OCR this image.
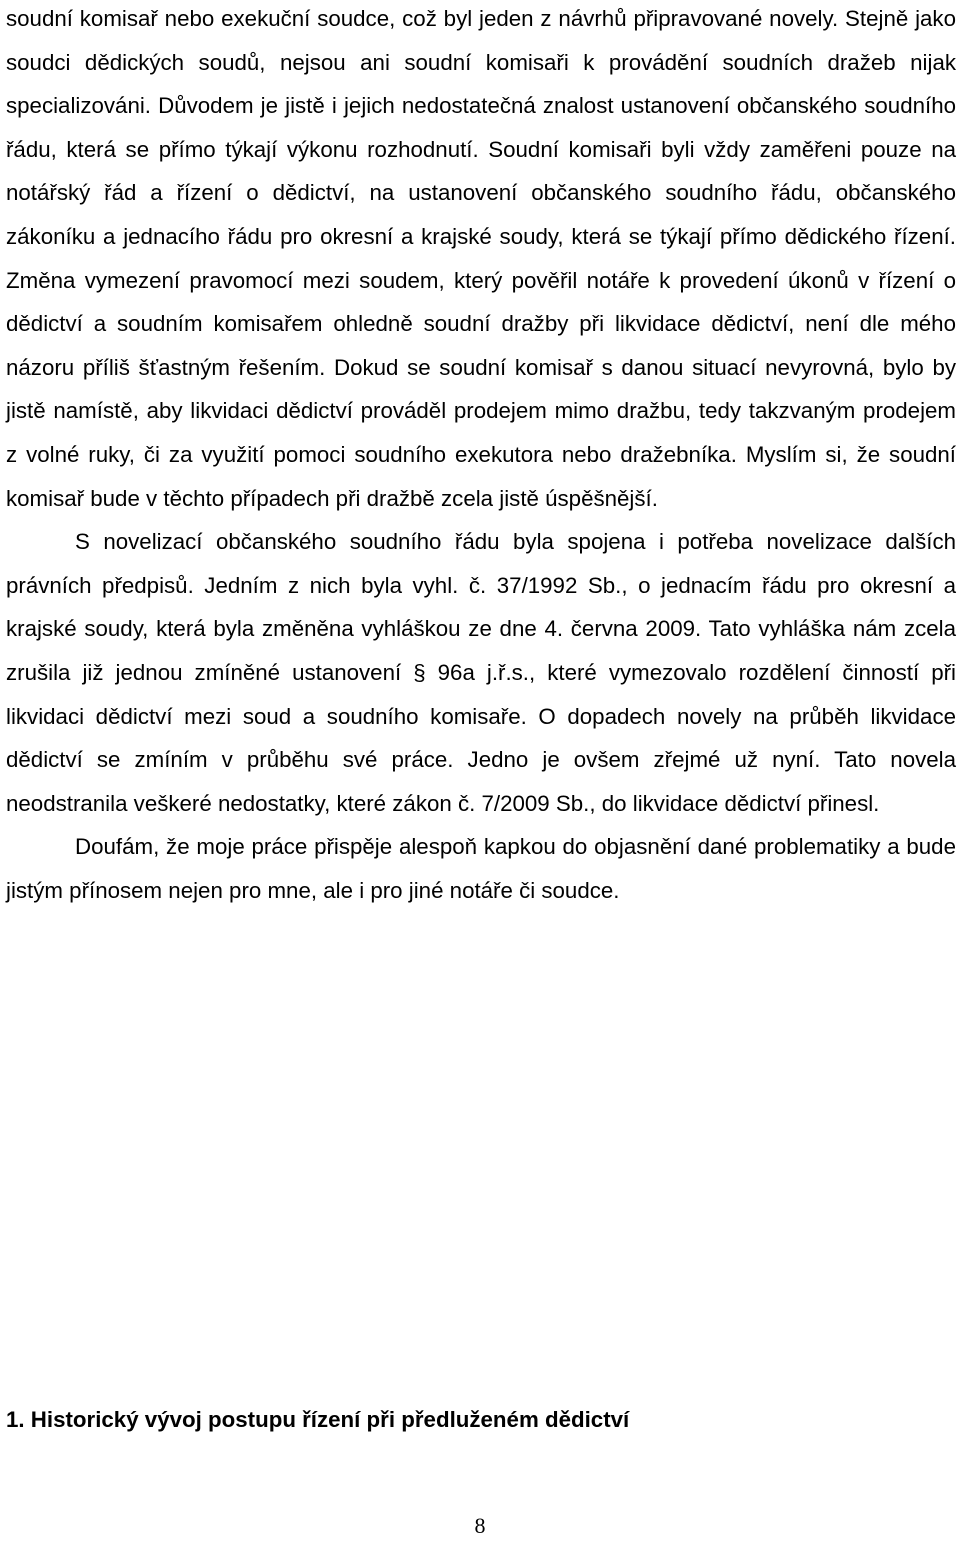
soudní komisař nebo exekuční soudce, což byl jeden z návrhů připravované novely. Stejně jako soudci dědických soudů, nejsou ani soudní komisaři k provádění soudních dražeb nijak specializováni. Důvodem je jistě i jejich nedostatečná znalost ustanovení občanského soudního řádu, která se přímo týkají výkonu rozhodnutí. Soudní komisaři byli vždy zaměřeni pouze na notářský řád a řízení o dědictví, na ustanovení občanského soudního řádu, občanského zákoníku a jednacího řádu pro okresní a krajské soudy, která se týkají přímo dědického řízení. Změna vymezení pravomocí mezi soudem, který pověřil notáře k provedení úkonů v řízení o dědictví a soudním komisařem ohledně soudní dražby při likvidace dědictví, není dle mého názoru příliš šťastným řešením. Dokud se soudní komisař s danou situací nevyrovná, bylo by jistě namístě, aby likvidaci dědictví prováděl prodejem mimo dražbu, tedy takzvaným prodejem z volné ruky, či za využití pomoci soudního exekutora nebo dražebníka. Myslím si, že soudní komisař bude v těchto případech při dražbě zcela jistě úspěšnější.

S novelizací občanského soudního řádu byla spojena i potřeba novelizace dalších právních předpisů. Jedním z nich byla vyhl. č. 37/1992 Sb., o jednacím řádu pro okresní a krajské soudy, která byla změněna vyhláškou ze dne 4. června 2009. Tato vyhláška nám zcela zrušila již jednou zmíněné ustanovení § 96a j.ř.s., které vymezovalo rozdělení činností při likvidaci dědictví mezi soud a soudního komisaře. O dopadech novely na průběh likvidace dědictví se zmíním v průběhu své práce. Jedno je ovšem zřejmé už nyní. Tato novela neodstranila veškeré nedostatky, které zákon č. 7/2009 Sb., do likvidace dědictví přinesl.

Doufám, že moje práce přispěje alespoň kapkou do objasnění dané problematiky a bude jistým přínosem nejen pro mne, ale i pro jiné notáře či soudce.

1. Historický vývoj postupu řízení při předluženém dědictví
8
